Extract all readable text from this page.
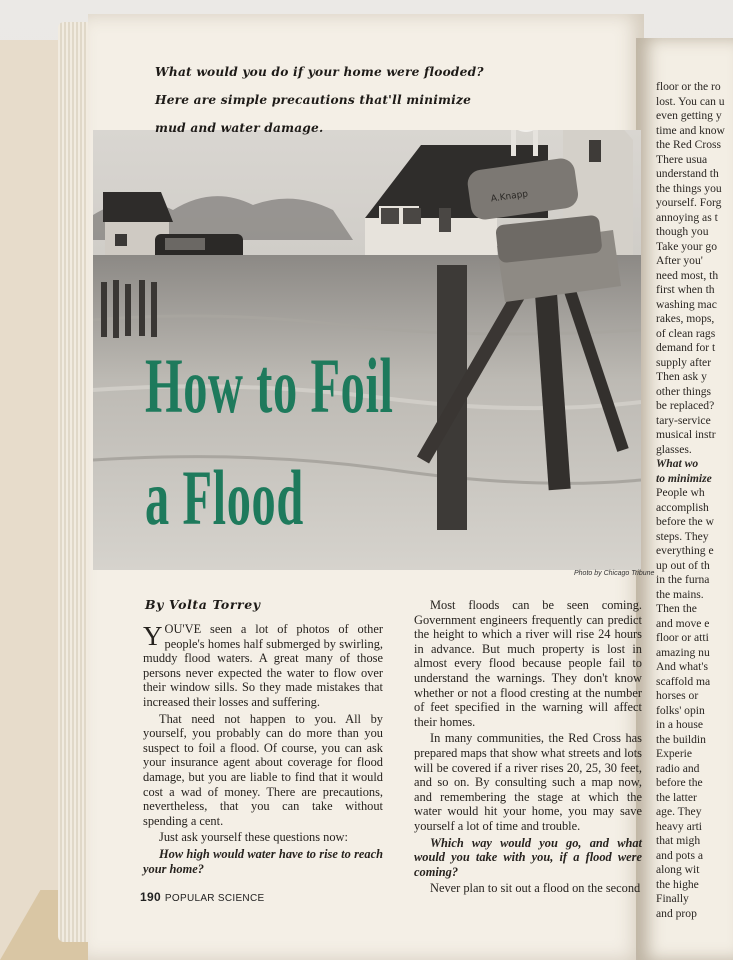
floor or the ro
lost. You can u
even getting y
time and know
the Red Cross
There usua
understand th
the things you
yourself. Forg
annoying as t
though you
Take your go
After you'
need most, th
first when th
washing mac
rakes, mops,
of clean rags
demand for t
supply after
Then ask y
other things
be replaced?
tary-service
musical instr
glasses.
What wo
to minimize
People wh
accomplish
before the w
steps. They
everything e
up out of th
in the furna
the mains.
Then the
and move e
floor or atti
amazing nu
And what's
scaffold ma
horses or
folks' opin
in a house
the buildin
Experie
radio and
before the
the latter
age. They
heavy arti
that migh
and pots a
along wit
the highe
Finally
and prop

A.Knapp
What would you do if your home were flooded? Here are simple precautions that'll minimize mud and water damage.
How to Foil
a Flood
Photo by Chicago Tribune
By Volta Torrey

YOU'VE seen a lot of photos of other people's homes half submerged by swirling, muddy flood waters. A great many of those persons never expected the water to flow over their window sills. So they made mistakes that increased their losses and suffering.

That need not happen to you. All by yourself, you probably can do more than you suspect to foil a flood. Of course, you can ask your insurance agent about coverage for flood damage, but you are liable to find that it would cost a wad of money. There are precautions, nevertheless, that you can take without spending a cent.

Just ask yourself these questions now:

How high would water have to rise to reach your home?

Most floods can be seen coming. Government engineers frequently can predict the height to which a river will rise 24 hours in advance. But much property is lost in almost every flood because people fail to understand the warnings. They don't know whether or not a flood cresting at the number of feet specified in the warning will affect their homes.

In many communities, the Red Cross has prepared maps that show what streets and lots will be covered if a river rises 20, 25, 30 feet, and so on. By consulting such a map now, and remembering the stage at which the water would hit your home, you may save yourself a lot of time and trouble.

Which way would you go, and what would you take with you, if a flood were coming?

Never plan to sit out a flood on the second

190 POPULAR SCIENCE
